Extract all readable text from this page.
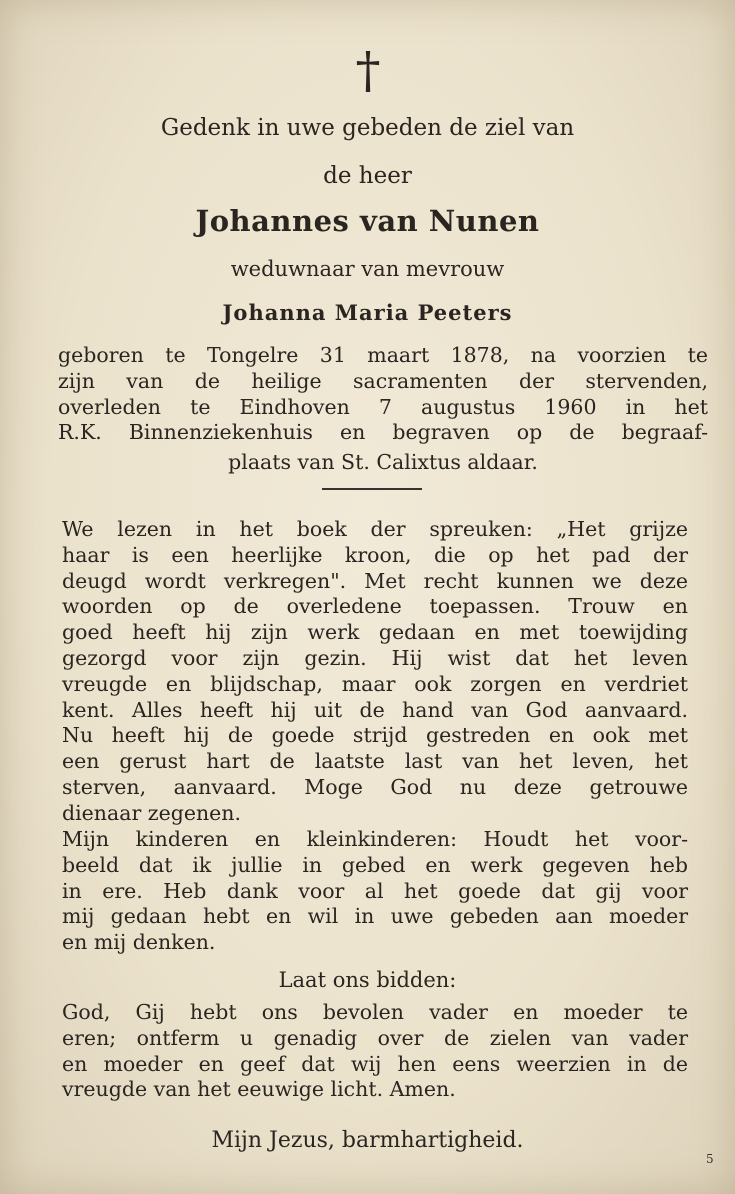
†
Gedenk in uwe gebeden de ziel van
de heer
Johannes van Nunen
weduwnaar van mevrouw
Johanna Maria Peeters
geboren te Tongelre 31 maart 1878, na voorzien te
zijn van de heilige sacramenten der stervenden,
overleden te Eindhoven 7 augustus 1960 in het
R.K. Binnenziekenhuis en begraven op de begraaf-
plaats van St. Calixtus aldaar.
We lezen in het boek der spreuken: „Het grijze
haar is een heerlijke kroon, die op het pad der
deugd wordt verkregen". Met recht kunnen we deze
woorden op de overledene toepassen. Trouw en
goed heeft hij zijn werk gedaan en met toewijding
gezorgd voor zijn gezin. Hij wist dat het leven
vreugde en blijdschap, maar ook zorgen en verdriet
kent. Alles heeft hij uit de hand van God aanvaard.
Nu heeft hij de goede strijd gestreden en ook met
een gerust hart de laatste last van het leven, het
sterven, aanvaard. Moge God nu deze getrouwe
dienaar zegenen.
Mijn kinderen en kleinkinderen: Houdt het voor-
beeld dat ik jullie in gebed en werk gegeven heb
in ere. Heb dank voor al het goede dat gij voor
mij gedaan hebt en wil in uwe gebeden aan moeder
en mij denken.
Laat ons bidden:
God, Gij hebt ons bevolen vader en moeder te
eren; ontferm u genadig over de zielen van vader
en moeder en geef dat wij hen eens weerzien in de
vreugde van het eeuwige licht. Amen.
Mijn Jezus, barmhartigheid.
5
